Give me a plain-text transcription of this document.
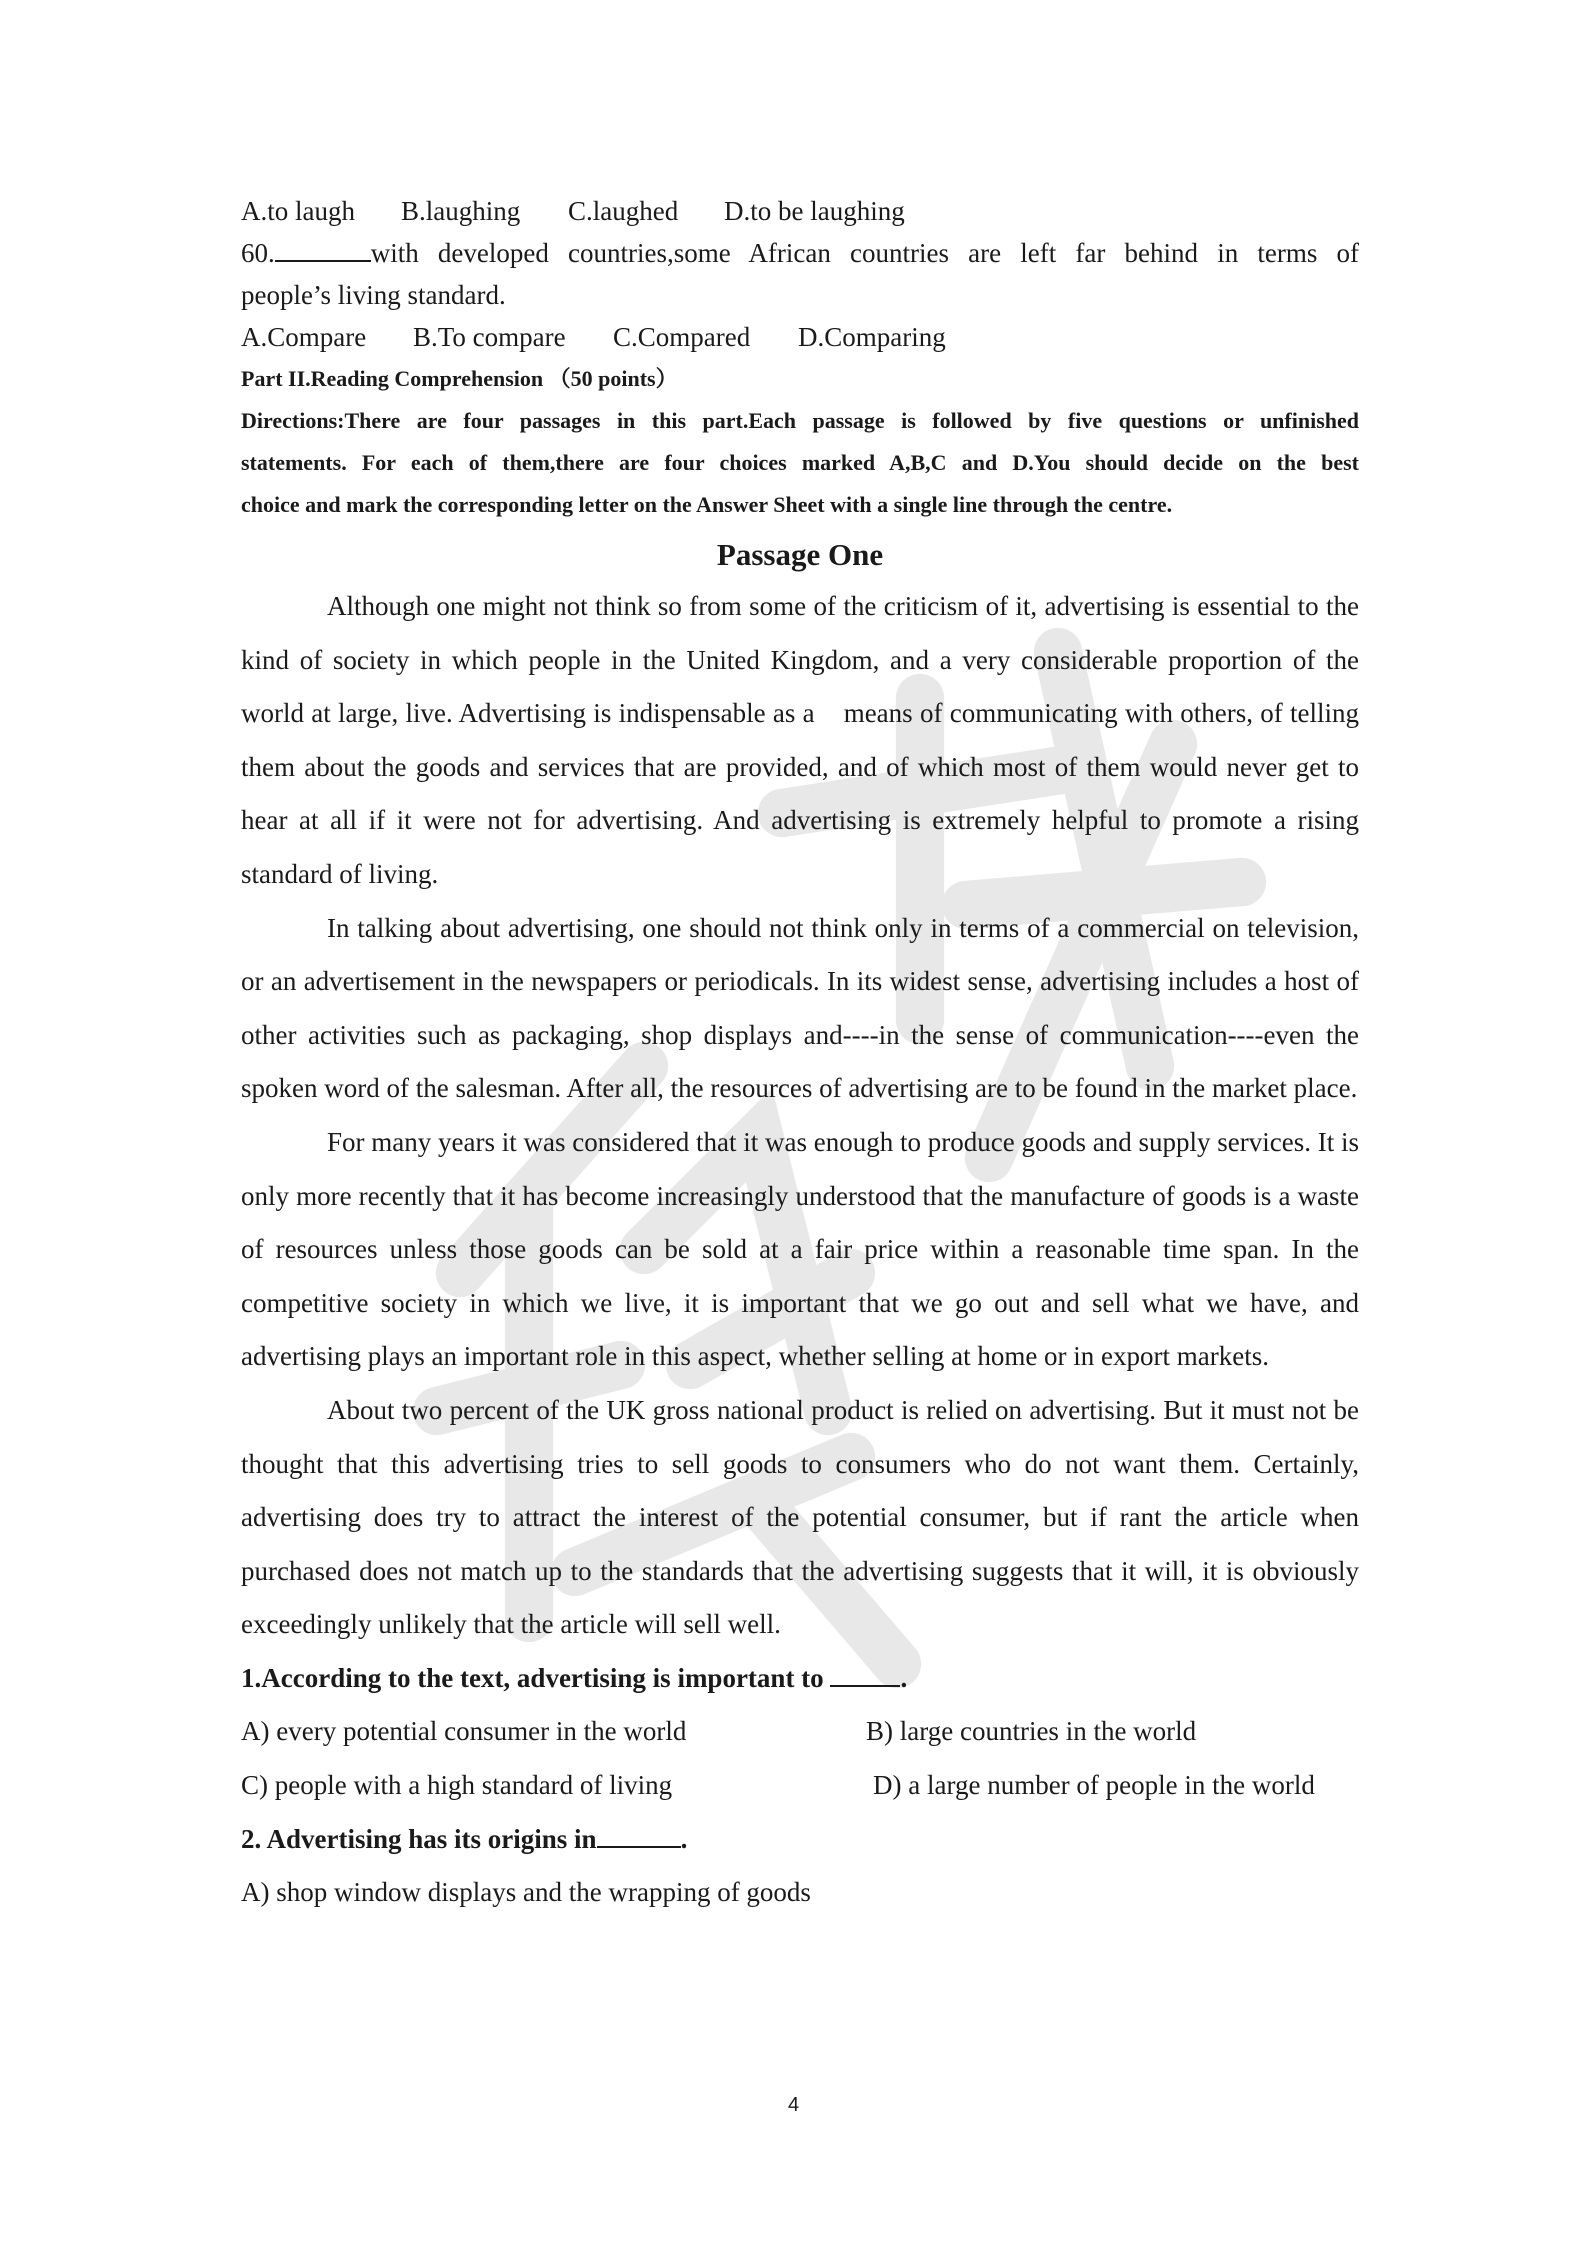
A.to laugh B.laughing C.laughed D.to be laughing
60.	with developed countries,some African countries are left far behind in terms of
people’s living standard.
A.Compare B.To compare C.Compared D.Comparing
Part II.Reading Comprehension （50 points）
Directions:There are four passages in this part.Each passage is followed by five questions or unfinished
statements. For each of them,there are four choices marked A,B,C and D.You should decide on the best
choice and mark the corresponding letter on the Answer Sheet with a single line through the centre.
Passage One

Although one might not think so from some of the criticism of it, advertising is essential to the kind of society in which people in the United Kingdom, and a very considerable proportion of the world at large, live. Advertising is indispensable as a    means of communicating with others, of telling them about the goods and services that are provided, and of which most of them would never get to hear at all if it were not for advertising. And advertising is extremely helpful to promote a rising standard of living.

In talking about advertising, one should not think only in terms of a commercial on television, or an advertisement in the newspapers or periodicals. In its widest sense, advertising includes a host of other activities such as packaging, shop displays and----in the sense of communication----even the spoken word of the salesman. After all, the resources of advertising are to be found in the market place.

For many years it was considered that it was enough to produce goods and supply services. It is only more recently that it has become increasingly understood that the manufacture of goods is a waste of resources unless those goods can be sold at a fair price within a reasonable time span. In the competitive society in which we live, it is important that we go out and sell what we have, and advertising plays an important role in this aspect, whether selling at home or in export markets.

About two percent of the UK gross national product is relied on advertising. But it must not be thought that this advertising tries to sell goods to consumers who do not want them. Certainly, advertising does try to attract the interest of the potential consumer, but if rant the article when purchased does not match up to the standards that the advertising suggests that it will, it is obviously exceedingly unlikely that the article will sell well.

1.According to the text, advertising is important to	.
A) every potential consumer in the world	B) large countries in the world
C) people with a high standard of living	D) a large number of people in the world
2. Advertising has its origins in	.
A) shop window displays and the wrapping of goods
4
